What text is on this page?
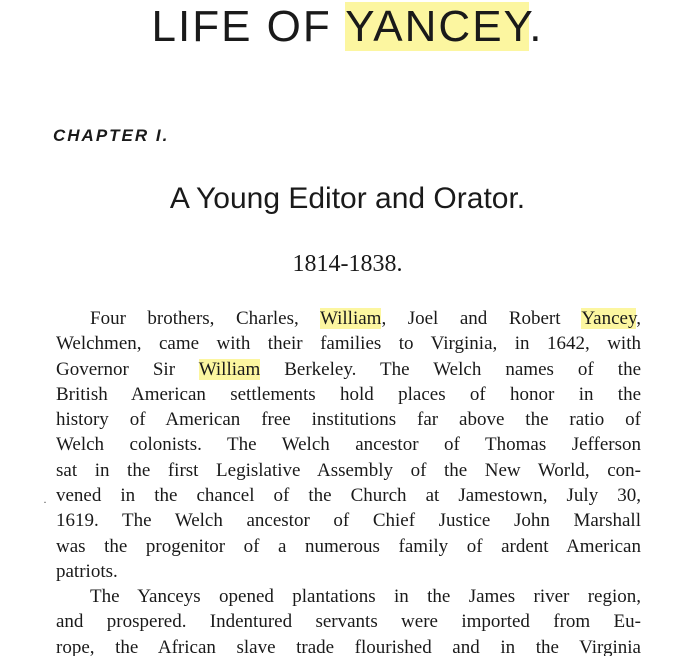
LIFE OF YANCEY.
CHAPTER I.
A Young Editor and Orator.
1814-1838.
·
Four brothers, Charles, William, Joel and Robert Yancey,
Welchmen, came with their families to Virginia, in 1642, with
Governor Sir William Berkeley. The Welch names of the
British American settlements hold places of honor in the
history of American free institutions far above the ratio of
Welch colonists. The Welch ancestor of Thomas Jefferson
sat in the first Legislative Assembly of the New World, con-
vened in the chancel of the Church at Jamestown, July 30,
1619. The Welch ancestor of Chief Justice John Marshall
was the progenitor of a numerous family of ardent American
patriots.
The Yanceys opened plantations in the James river region,
and prospered. Indentured servants were imported from Eu-
rope, the African slave trade flourished and in the Virginia
